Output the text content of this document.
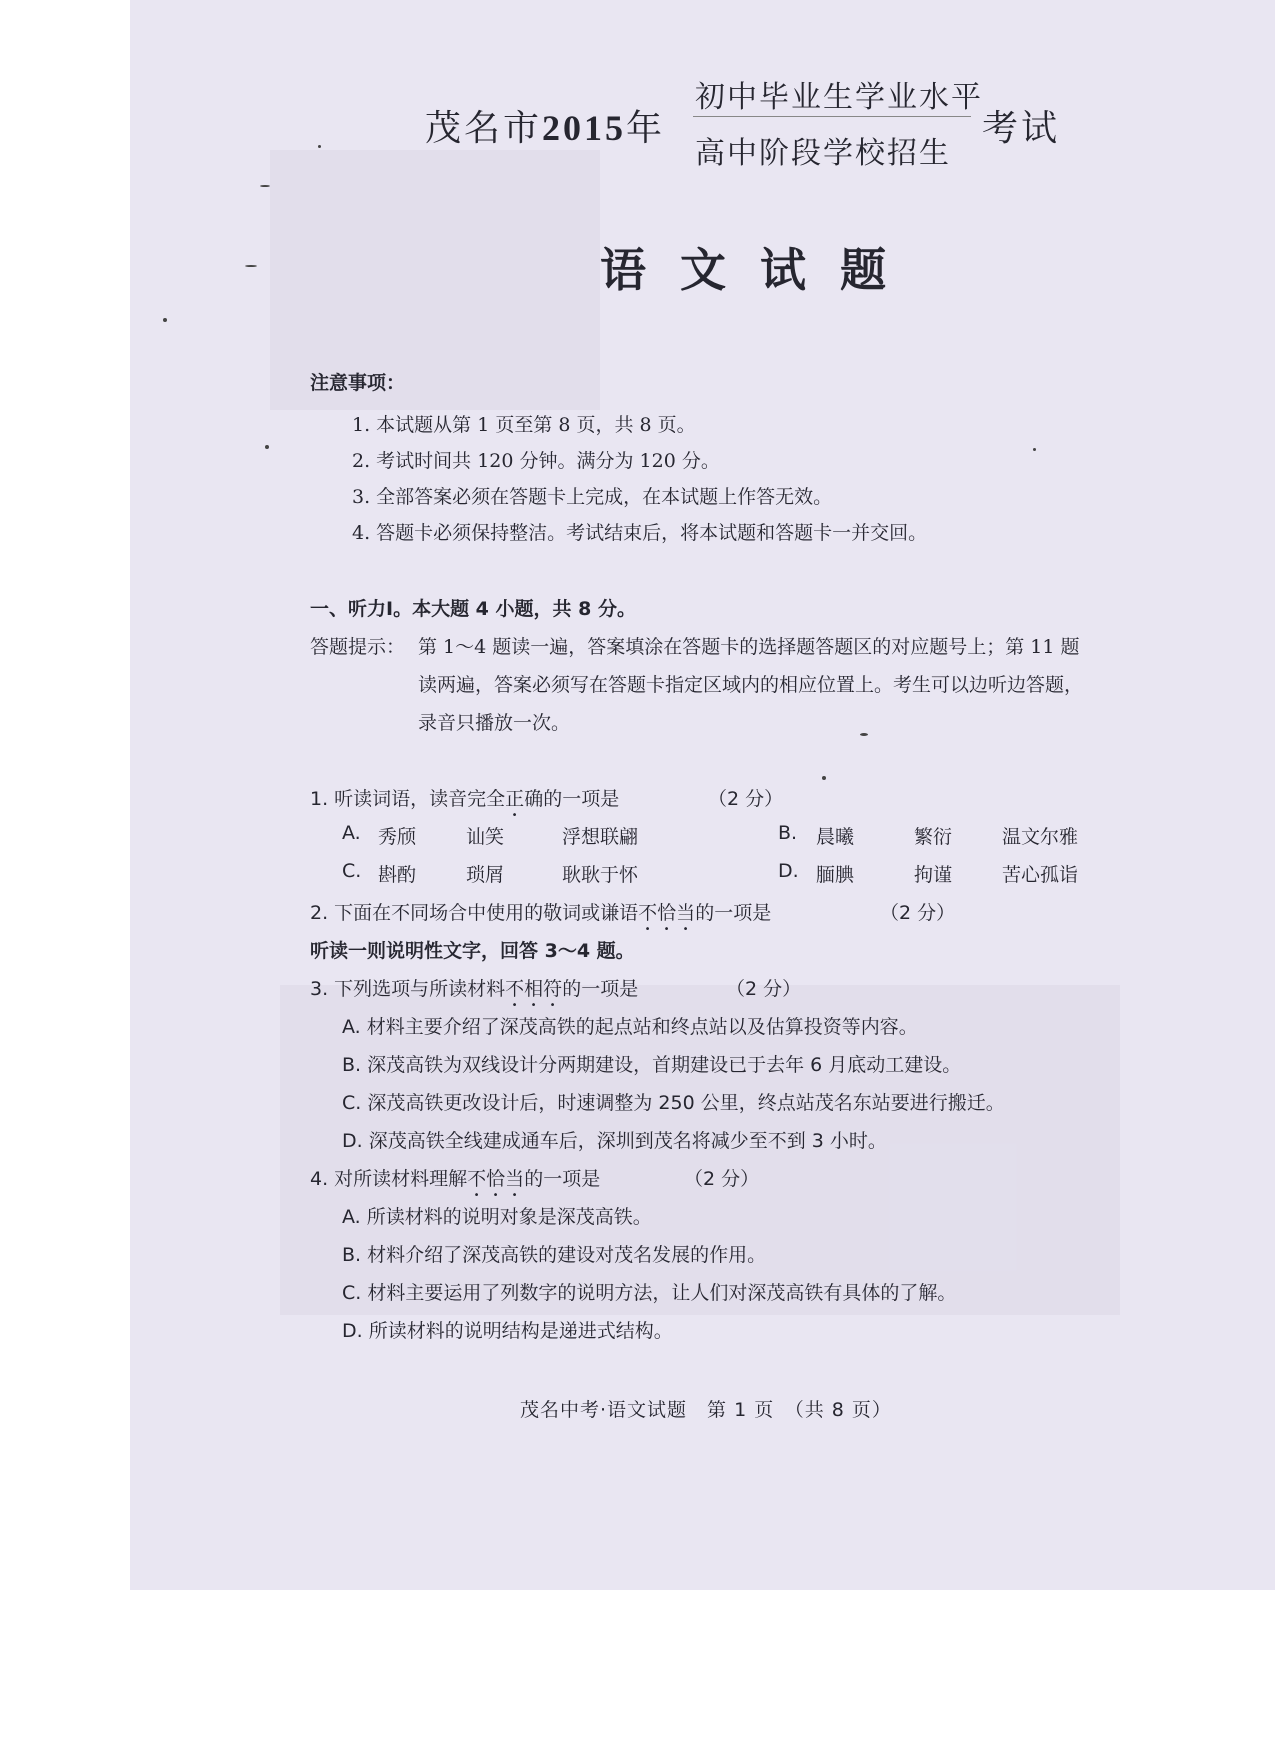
茂名市2015年
初中毕业生学业水平
高中阶段学校招生
考试
语文试题
注意事项：
1. 本试题从第 1 页至第 8 页，共 8 页。
2. 考试时间共 120 分钟。满分为 120 分。
3. 全部答案必须在答题卡上完成，在本试题上作答无效。
4. 答题卡必须保持整洁。考试结束后，将本试题和答题卡一并交回。
一、听力Ⅰ。本大题 4 小题，共 8 分。
答题提示： 第 1～4 题读一遍，答案填涂在答题卡的选择题答题区的对应题号上；第 11 题
读两遍，答案必须写在答题卡指定区域内的相应位置上。考生可以边听边答题，
录音只播放一次。
1. 听读词语，读音完全正确的一项是	（2 分）
A. 秀颀	讪笑	浮想联翩	B. 晨曦	繁衍	温文尔雅
C. 斟酌	琐屑	耿耿于怀	D. 腼腆	拘谨	苦心孤诣
2. 下面在不同场合中使用的敬词或谦语不恰当的一项是	（2 分）
听读一则说明性文字，回答 3～4 题。
3. 下列选项与所读材料不相符的一项是	（2 分）
A. 材料主要介绍了深茂高铁的起点站和终点站以及估算投资等内容。
B. 深茂高铁为双线设计分两期建设，首期建设已于去年 6 月底动工建设。
C. 深茂高铁更改设计后，时速调整为 250 公里，终点站茂名东站要进行搬迁。
D. 深茂高铁全线建成通车后，深圳到茂名将减少至不到 3 小时。
4. 对所读材料理解不恰当的一项是	（2 分）
A. 所读材料的说明对象是深茂高铁。
B. 材料介绍了深茂高铁的建设对茂名发展的作用。
C. 材料主要运用了列数字的说明方法，让人们对深茂高铁有具体的了解。
D. 所读材料的说明结构是递进式结构。
茂名中考·语文试题　第 1 页　（共 8 页）
